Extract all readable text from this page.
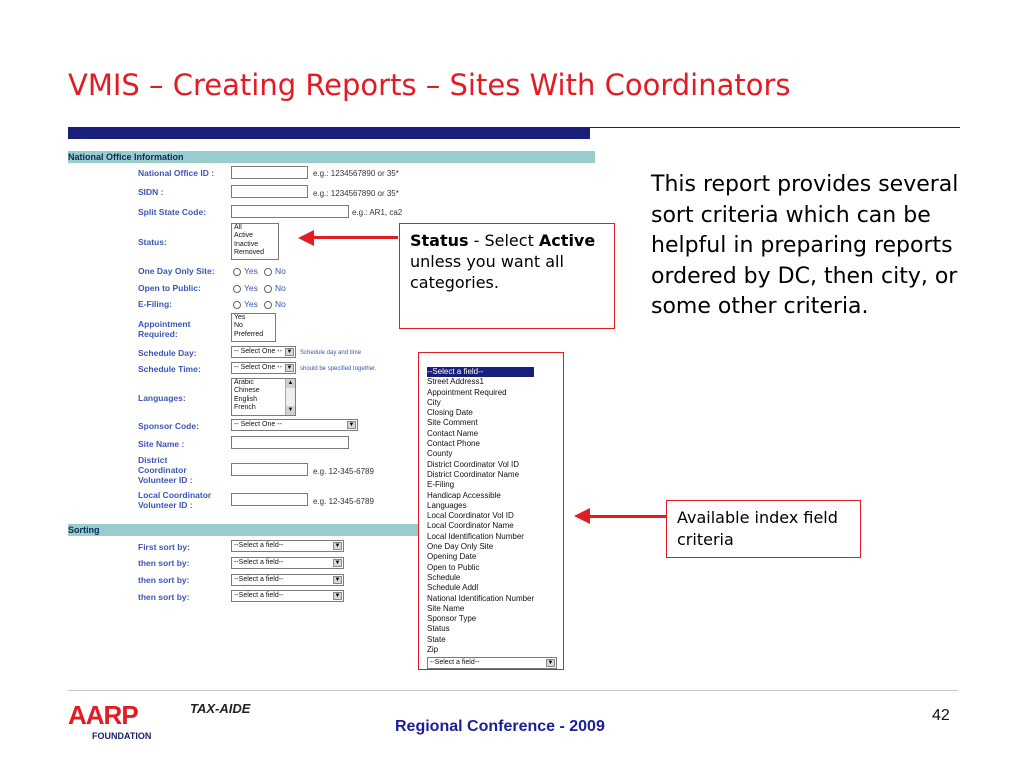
VMIS – Creating Reports – Sites With Coordinators
National Office Information
National Office ID :	e.g.: 1234567890 or 35*
SIDN :	e.g.: 1234567890 or 35*
Split State Code:	e.g.: AR1, ca2
Status:
All
Active
Inactive
Removed
One Day Only Site:	Yes	No
Open to Public:	Yes	No
E-Filing:	Yes	No
Appointment Required:
Yes
No
Preferred
Schedule Day:	-- Select One -- ▼ Schedule day and time
Schedule Time:	-- Select One -- ▼ should be specified together.
Languages:
Arabic
Chinese
English
French
▲
▼
Sponsor Code:	-- Select One --	▼
Site Name :
District
Coordinator
Volunteer ID :
e.g. 12-345-6789
Local Coordinator
Volunteer ID :	e.g. 12-345-6789
Sorting
First sort by:	--Select a field--	▼
then sort by:	--Select a field--	▼
then sort by:	--Select a field--	▼
then sort by:	--Select a field--	▼
--Select a field--
Street Address1
Appointment Required
City
Closing Date
Site Comment
Contact Name
Contact Phone
County
District Coordinator Vol ID
District Coordinator Name
E-Filing
Handicap Accessible
Languages
Local Coordinator Vol ID
Local Coordinator Name
Local Identification Number
One Day Only Site
Opening Date
Open to Public
Schedule
Schedule Addl
National Identification Number
Site Name
Sponsor Type
Status
State
Zip
--Select a field--	▼
Status - Select Active unless you want all categories.
Available index field criteria
This report provides several sort criteria which can be helpful in preparing reports ordered by DC, then city, or some other criteria.
AARP
FOUNDATION
TAX-AIDE
Regional Conference - 2009
42
